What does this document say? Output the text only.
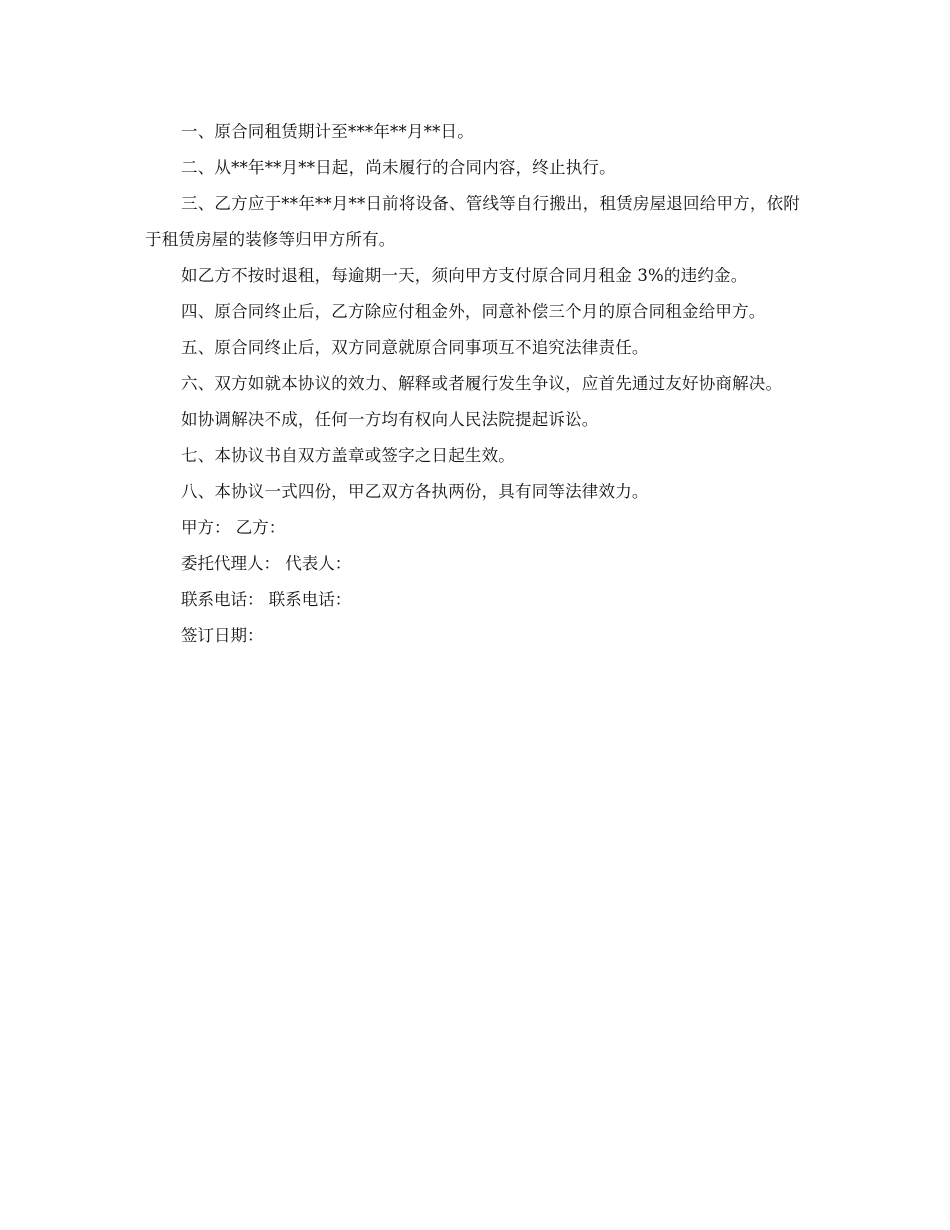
一、原合同租赁期计至***年**月**日。

二、从**年**月**日起，尚未履行的合同内容，终止执行。

三、乙方应于**年**月**日前将设备、管线等自行搬出，租赁房屋退回给甲方，依附于租赁房屋的装修等归甲方所有。

如乙方不按时退租，每逾期一天，须向甲方支付原合同月租金 3%的违约金。

四、原合同终止后，乙方除应付租金外，同意补偿三个月的原合同租金给甲方。

五、原合同终止后，双方同意就原合同事项互不追究法律责任。

六、双方如就本协议的效力、解释或者履行发生争议，应首先通过友好协商解决。

如协调解决不成，任何一方均有权向人民法院提起诉讼。

七、本协议书自双方盖章或签字之日起生效。

八、本协议一式四份，甲乙双方各执两份，具有同等法律效力。

甲方： 乙方：
委托代理人： 代表人：
联系电话： 联系电话：
签订日期：
